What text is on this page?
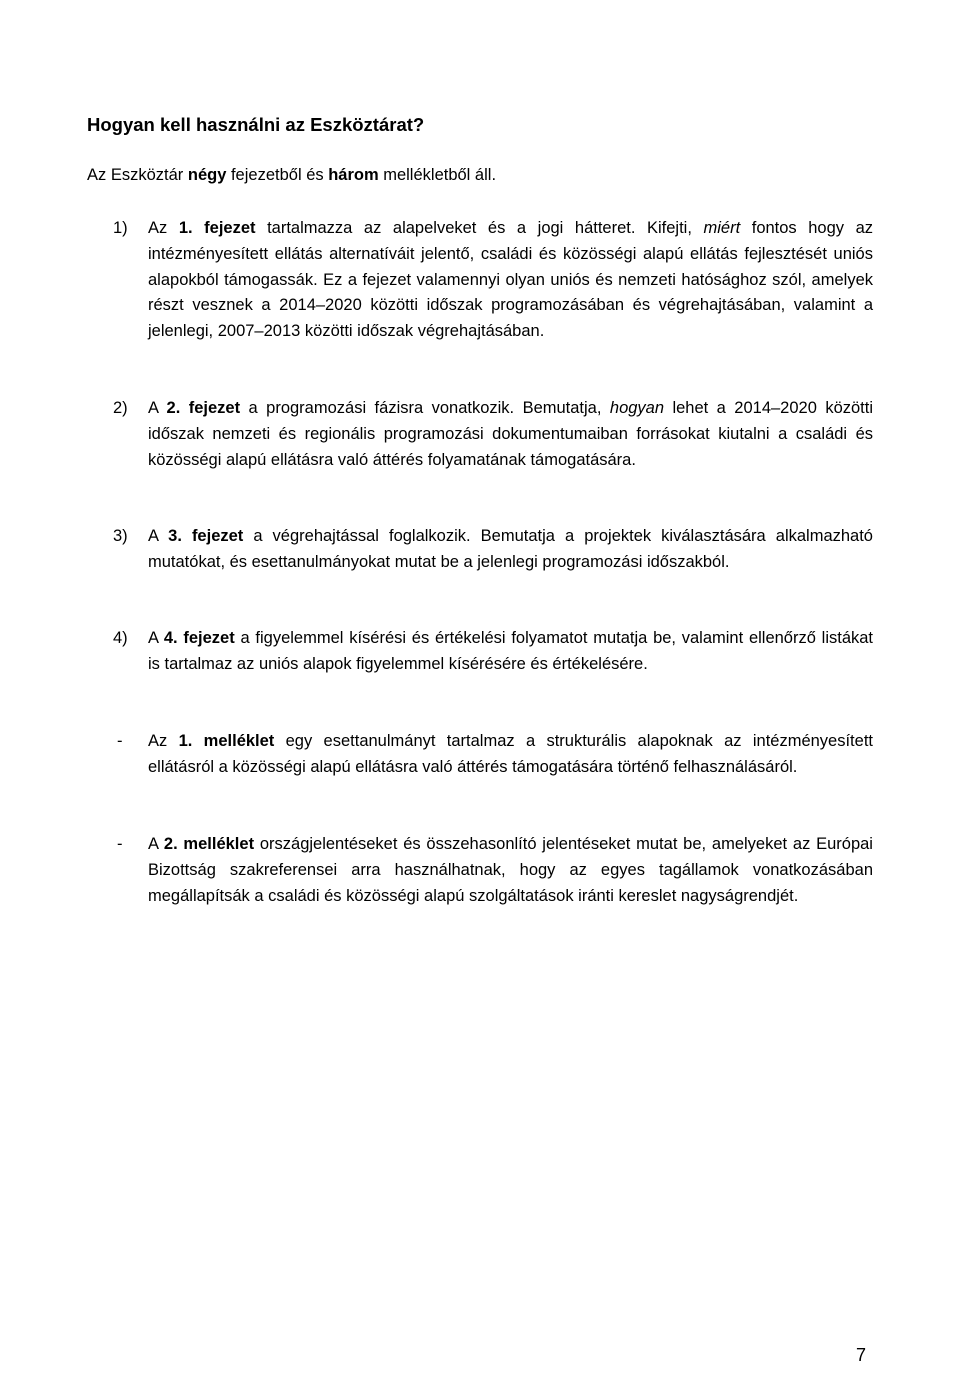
Hogyan kell használni az Eszköztárat?
Az Eszköztár négy fejezetből és három mellékletből áll.
1) Az 1. fejezet tartalmazza az alapelveket és a jogi hátteret. Kifejti, miért fontos hogy az intézményesített ellátás alternatíváit jelentő, családi és közösségi alapú ellátás fejlesztését uniós alapokból támogassák. Ez a fejezet valamennyi olyan uniós és nemzeti hatósághoz szól, amelyek részt vesznek a 2014–2020 közötti időszak programozásában és végrehajtásában, valamint a jelenlegi, 2007–2013 közötti időszak végrehajtásában.
2) A 2. fejezet a programozási fázisra vonatkozik. Bemutatja, hogyan lehet a 2014–2020 közötti időszak nemzeti és regionális programozási dokumentumaiban forrásokat kiutalni a családi és közösségi alapú ellátásra való áttérés folyamatának támogatására.
3) A 3. fejezet a végrehajtással foglalkozik. Bemutatja a projektek kiválasztására alkalmazható mutatókat, és esettanulmányokat mutat be a jelenlegi programozási időszakból.
4) A 4. fejezet a figyelemmel kísérési és értékelési folyamatot mutatja be, valamint ellenőrző listákat is tartalmaz az uniós alapok figyelemmel kísérésére és értékelésére.
- Az 1. melléklet egy esettanulmányt tartalmaz a strukturális alapoknak az intézményesített ellátásról a közösségi alapú ellátásra való áttérés támogatására történő felhasználásáról.
- A 2. melléklet országjelentéseket és összehasonlító jelentéseket mutat be, amelyeket az Európai Bizottság szakreferensei arra használhatnak, hogy az egyes tagállamok vonatkozásában megállapítsák a családi és közösségi alapú szolgáltatások iránti kereslet nagyságrendjét.
7
